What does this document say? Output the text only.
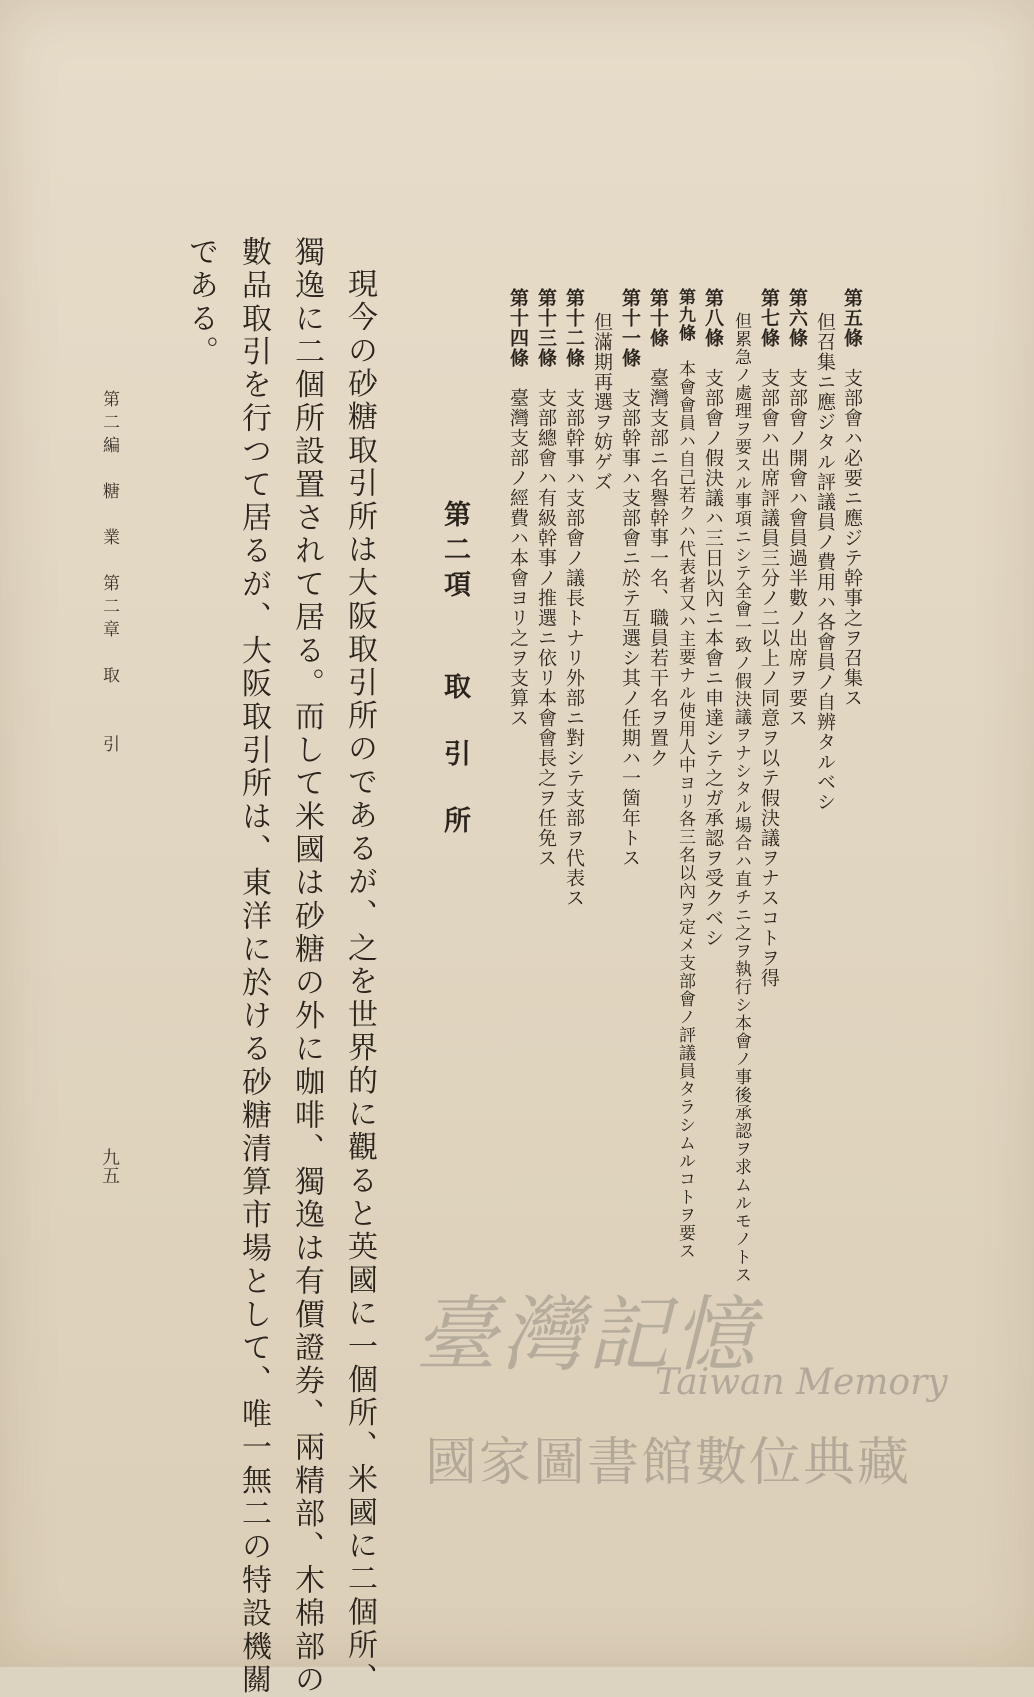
第五條　支部會ハ必要ニ應ジテ幹事之ヲ召集ス
但召集ニ應ジタル評議員ノ費用ハ各會員ノ自辨タルベシ
第六條　支部會ノ開會ハ會員過半數ノ出席ヲ要ス
第七條　支部會ハ出席評議員三分ノ二以上ノ同意ヲ以テ假決議ヲナスコトヲ得
但累急ノ處理ヲ要スル事項ニシテ全會一致ノ假決議ヲナシタル場合ハ直チニ之ヲ執行シ本會ノ事後承認ヲ求ムルモノトス
第八條　支部會ノ假決議ハ三日以內ニ本會ニ申達シテ之ガ承認ヲ受クベシ
第九條　本會會員ハ自己若クハ代表者又ハ主要ナル使用人中ヨリ各三名以內ヲ定メ支部會ノ評議員タラシムルコトヲ要ス
第十條　臺灣支部ニ名譽幹事一名、職員若干名ヲ置ク
第十一條　支部幹事ハ支部會ニ於テ互選シ其ノ任期ハ一箇年トス
但滿期再選ヲ妨ゲズ
第十二條　支部幹事ハ支部會ノ議長トナリ外部ニ對シテ支部ヲ代表ス
第十三條　支部總會ハ有級幹事ノ推選ニ依リ本會會長之ヲ任免ス
第十四條　臺灣支部ノ經費ハ本會ヨリ之ヲ支算ス
第二項　取引所
現今の砂糖取引所は大阪取引所のであるが、之を世界的に觀ると英國に一個所、米國に二個所、
獨逸に二個所設置されて居る。而して米國は砂糖の外に咖啡、獨逸は有價證券、兩精部、木棉部の
數品取引を行つて居るが、大阪取引所は、東洋に於ける砂糖清算市場として、唯一無二の特設機關
である。
第二編　糖　業　第二章　取　　引
九五
臺灣記憶
Taiwan Memory
國家圖書館數位典藏
